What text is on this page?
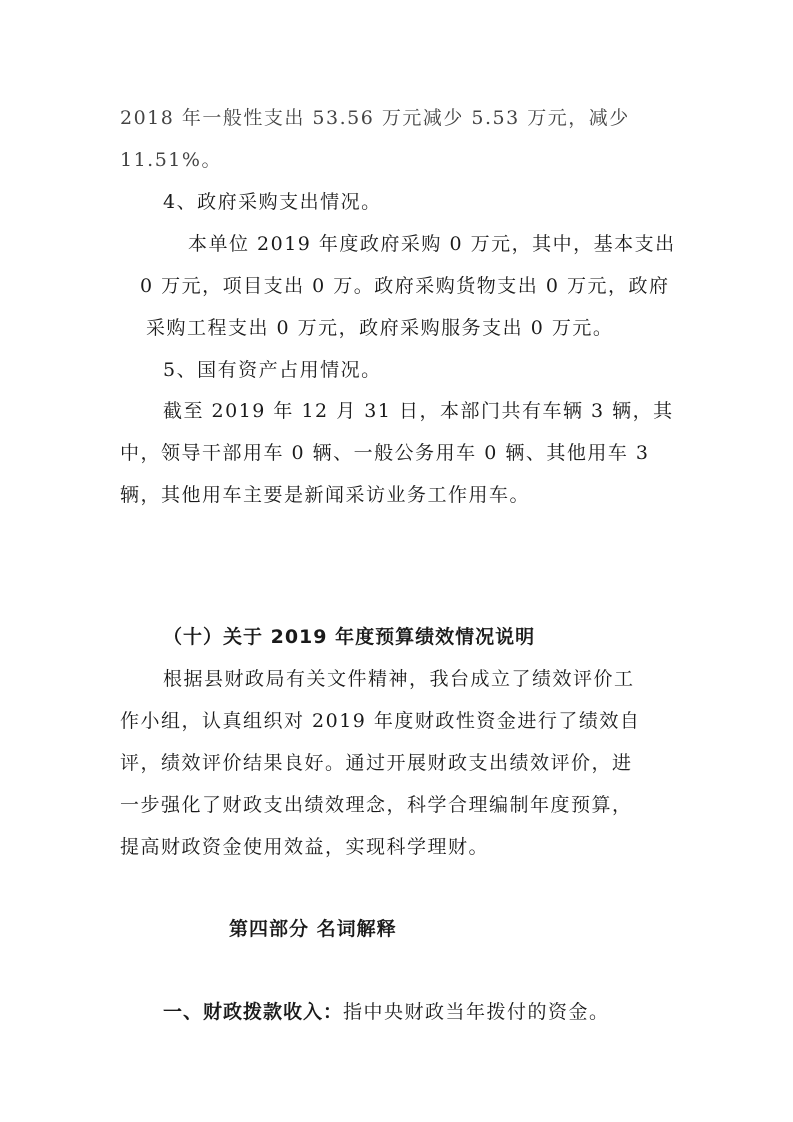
2018 年一般性支出 53.56 万元减少 5.53 万元，减少
11.51%。
4、政府采购支出情况。
本单位 2019 年度政府采购 0 万元，其中，基本支出
0 万元，项目支出 0 万。政府采购货物支出 0 万元，政府
采购工程支出 0 万元，政府采购服务支出 0 万元。
5、国有资产占用情况。
截至 2019 年 12 月 31 日，本部门共有车辆 3 辆，其
中，领导干部用车 0 辆、一般公务用车 0 辆、其他用车 3
辆，其他用车主要是新闻采访业务工作用车。
（十）关于 2019 年度预算绩效情况说明
根据县财政局有关文件精神，我台成立了绩效评价工
作小组，认真组织对 2019 年度财政性资金进行了绩效自
评，绩效评价结果良好。通过开展财政支出绩效评价，进
一步强化了财政支出绩效理念，科学合理编制年度预算，
提高财政资金使用效益，实现科学理财。
第四部分 名词解释
一、财政拨款收入：指中央财政当年拨付的资金。
